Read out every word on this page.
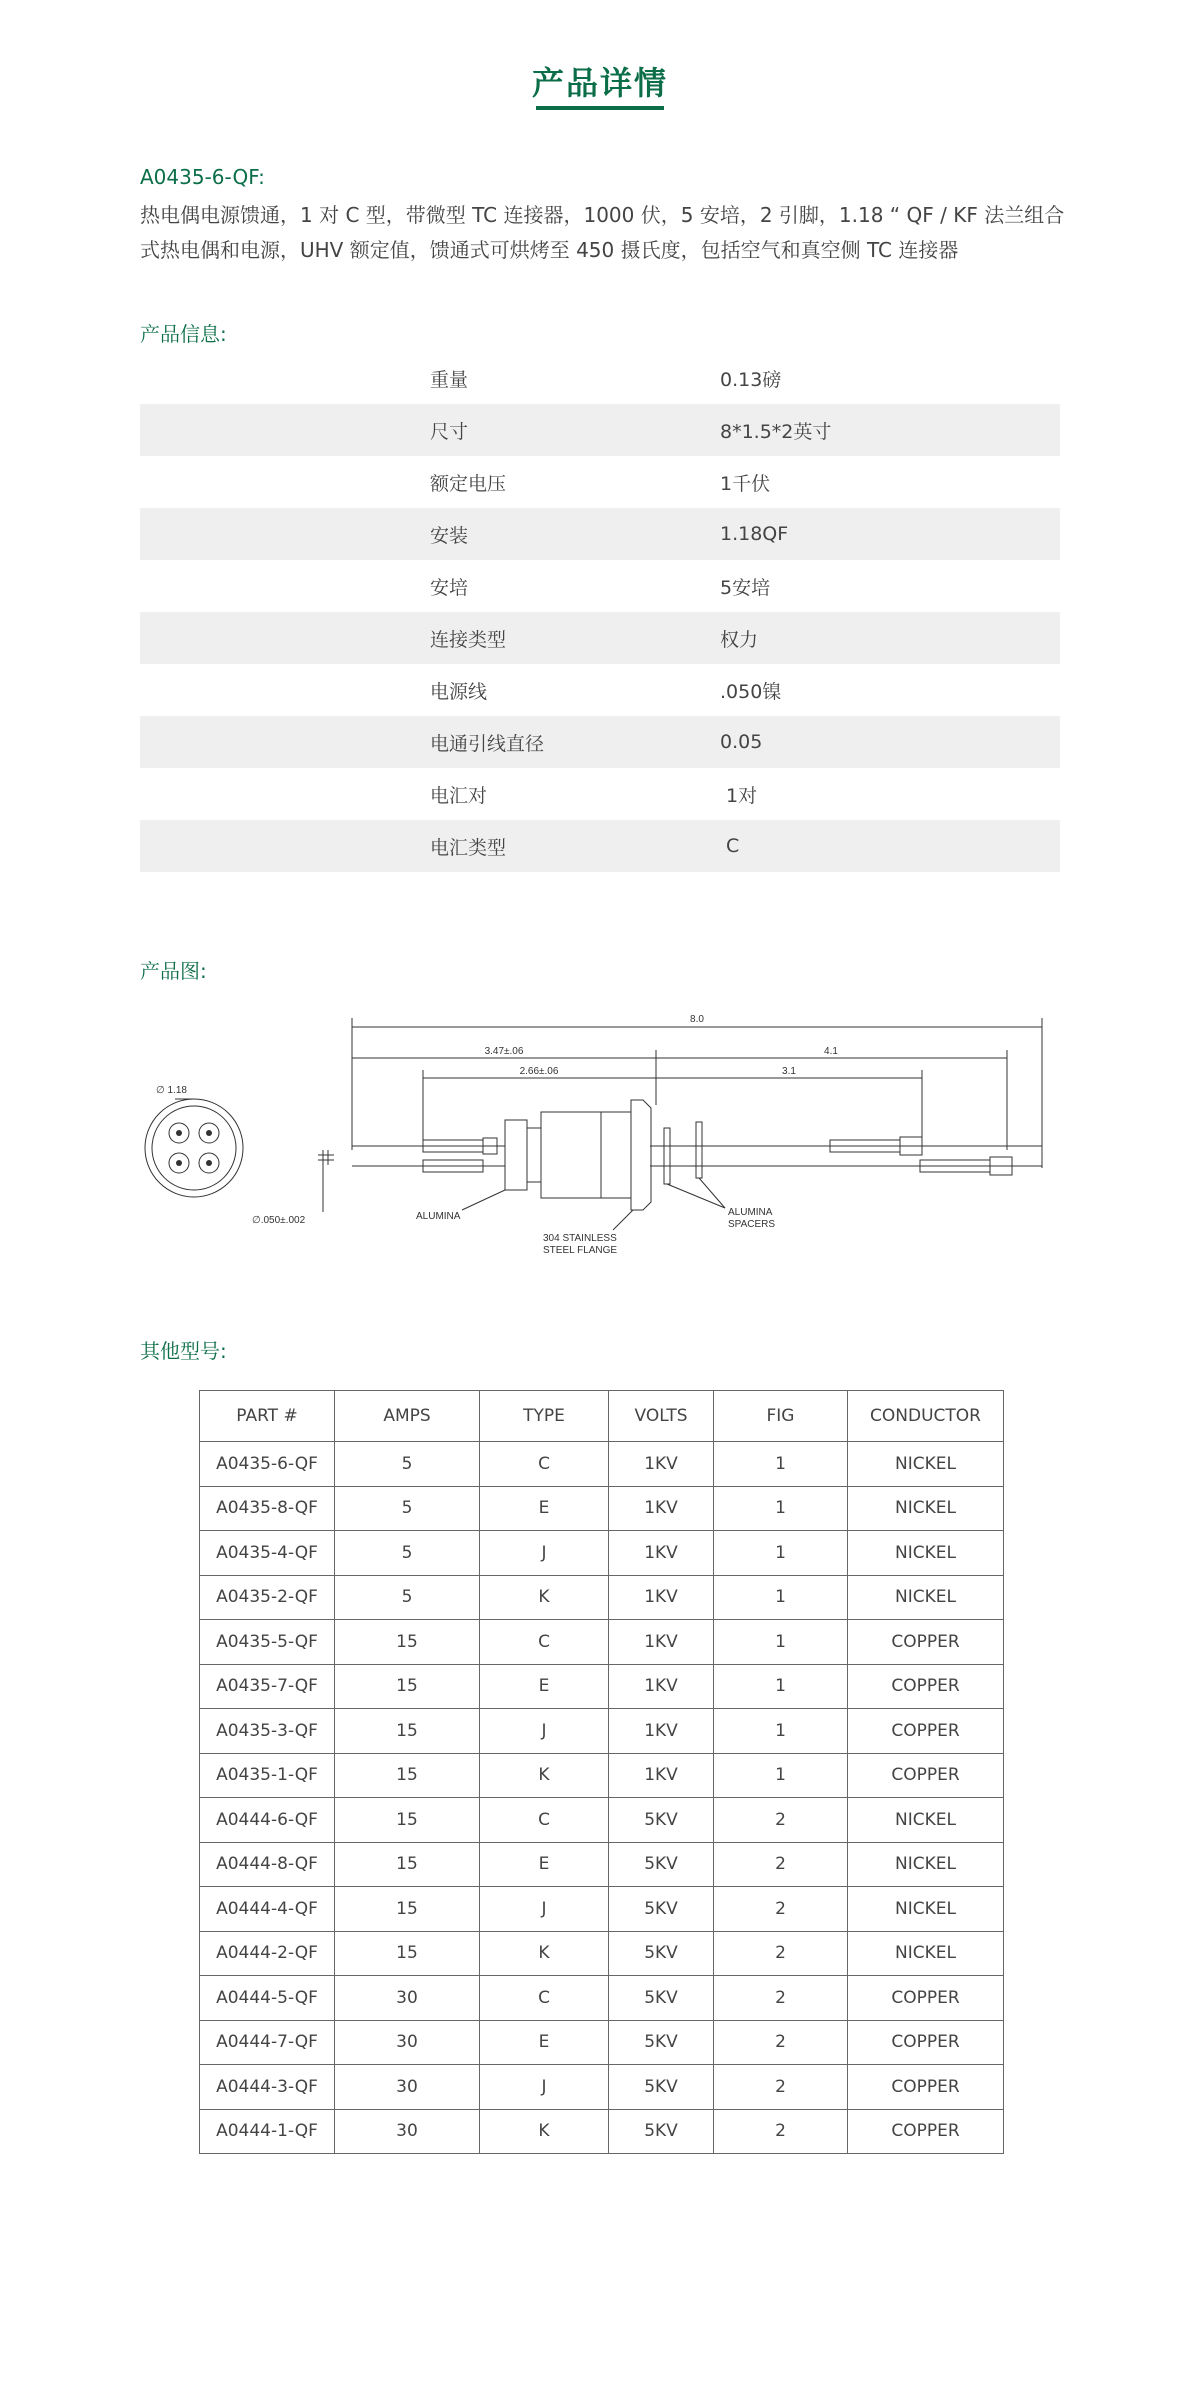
产品详情
A0435-6-QF:
热电偶电源馈通，1 对 C 型，带微型 TC 连接器，1000 伏，5 安培，2 引脚，1.18 “ QF / KF 法兰组合式热电偶和电源，UHV 额定值，馈通式可烘烤至 450 摄氏度，包括空气和真空侧 TC 连接器
产品信息:
重量	0.13磅
尺寸	8*1.5*2英寸
额定电压	1千伏
安装	1.18QF
安培	5安培
连接类型	权力
电源线	.050镍
电通引线直径	0.05
电汇对	1对
电汇类型	C
产品图:
8.0
3.47±.06	4.1
2.66±.06	3.1
∅ 1.18
∅.050±.002	ALUMINA
304 STAINLESS
STEEL FLANGE
ALUMINA
SPACERS
其他型号:
PART #	AMPS	TYPE	VOLTS	FIG	CONDUCTOR
A0435-6-QF	5	C	1KV	1	NICKEL
A0435-8-QF	5	E	1KV	1	NICKEL
A0435-4-QF	5	J	1KV	1	NICKEL
A0435-2-QF	5	K	1KV	1	NICKEL
A0435-5-QF	15	C	1KV	1	COPPER
A0435-7-QF	15	E	1KV	1	COPPER
A0435-3-QF	15	J	1KV	1	COPPER
A0435-1-QF	15	K	1KV	1	COPPER
A0444-6-QF	15	C	5KV	2	NICKEL
A0444-8-QF	15	E	5KV	2	NICKEL
A0444-4-QF	15	J	5KV	2	NICKEL
A0444-2-QF	15	K	5KV	2	NICKEL
A0444-5-QF	30	C	5KV	2	COPPER
A0444-7-QF	30	E	5KV	2	COPPER
A0444-3-QF	30	J	5KV	2	COPPER
A0444-1-QF	30	K	5KV	2	COPPER
